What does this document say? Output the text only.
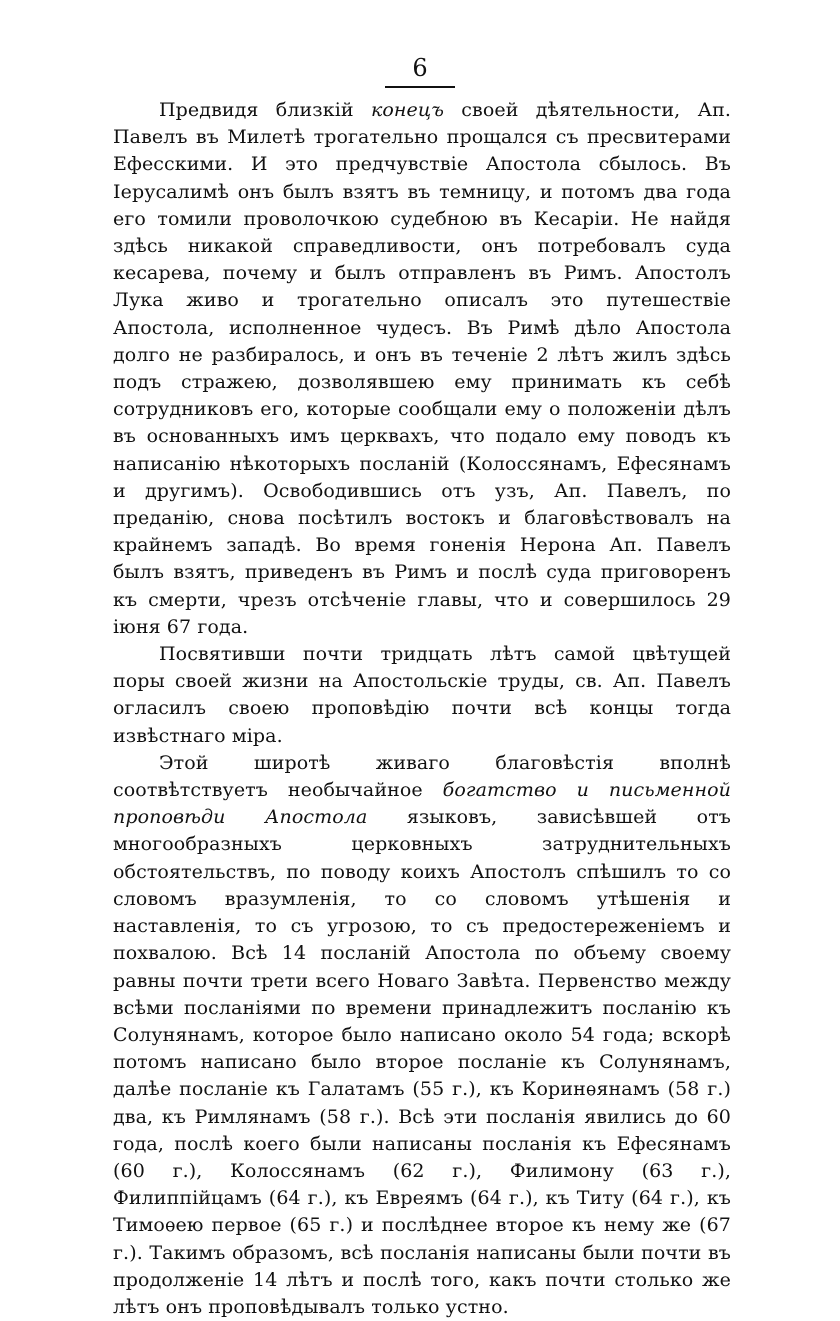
6

Предвидя близкій конецъ своей дѣятельности, Ап. Павелъ въ Милетѣ трогательно прощался съ пресвитерами Ефесскими. И это предчувствіе Апостола сбылось. Въ Іерусалимѣ онъ былъ взятъ въ темницу, и потомъ два года его томили проволочкою судебною въ Кесаріи. Не найдя здѣсь никакой справедливости, онъ потребовалъ суда кесарева, почему и былъ отправленъ въ Римъ. Апостолъ Лука живо и трогательно описалъ это путешествіе Апостола, исполненное чудесъ. Въ Римѣ дѣло Апостола долго не разбиралось, и онъ въ теченіе 2 лѣтъ жилъ здѣсь подъ стражею, дозволявшею ему принимать къ себѣ сотрудниковъ его, которые сообщали ему о положеніи дѣлъ въ основанныхъ имъ церквахъ, что подало ему поводъ къ написанію нѣкоторыхъ посланій (Колоссянамъ, Ефесянамъ и другимъ). Освободившись отъ узъ, Ап. Павелъ, по преданію, снова посѣтилъ востокъ и благовѣствовалъ на крайнемъ западѣ. Во время гоненія Нерона Ап. Павелъ былъ взятъ, приведенъ въ Римъ и послѣ суда приговоренъ къ смерти, чрезъ отсѣченіе главы, что и совершилось 29 іюня 67 года.

Посвятивши почти тридцать лѣтъ самой цвѣтущей поры своей жизни на Апостольскіе труды, св. Ап. Павелъ огласилъ своею проповѣдію почти всѣ концы тогда извѣстнаго міра.

Этой широтѣ живаго благовѣстія вполнѣ соотвѣтствуетъ необычайное богатство и письменной проповѣди Апостола языковъ, зависѣвшей отъ многообразныхъ церковныхъ затруднительныхъ обстоятельствъ, по поводу коихъ Апостолъ спѣшилъ то со словомъ вразумленія, то со словомъ утѣшенія и наставленія, то съ угрозою, то съ предостереженіемъ и похвалою. Всѣ 14 посланій Апостола по объему своему равны почти трети всего Новаго Завѣта. Первенство между всѣми посланіями по времени принадлежитъ посланію къ Солунянамъ, которое было написано около 54 года; вскорѣ потомъ написано было второе посланіе къ Солунянамъ, далѣе посланіе къ Галатамъ (55 г.), къ Коринѳянамъ (58 г.) два, къ Римлянамъ (58 г.). Всѣ эти посланія явились до 60 года, послѣ коего были написаны посланія къ Ефесянамъ (60 г.), Колоссянамъ (62 г.), Филимону (63 г.), Филиппійцамъ (64 г.), къ Евреямъ (64 г.), къ Титу (64 г.), къ Тимоѳею первое (65 г.) и послѣднее второе къ нему же (67 г.). Такимъ образомъ, всѣ посланія написаны были почти въ продолженіе 14 лѣтъ и послѣ того, какъ почти столько же лѣтъ онъ проповѣдывалъ только устно.
